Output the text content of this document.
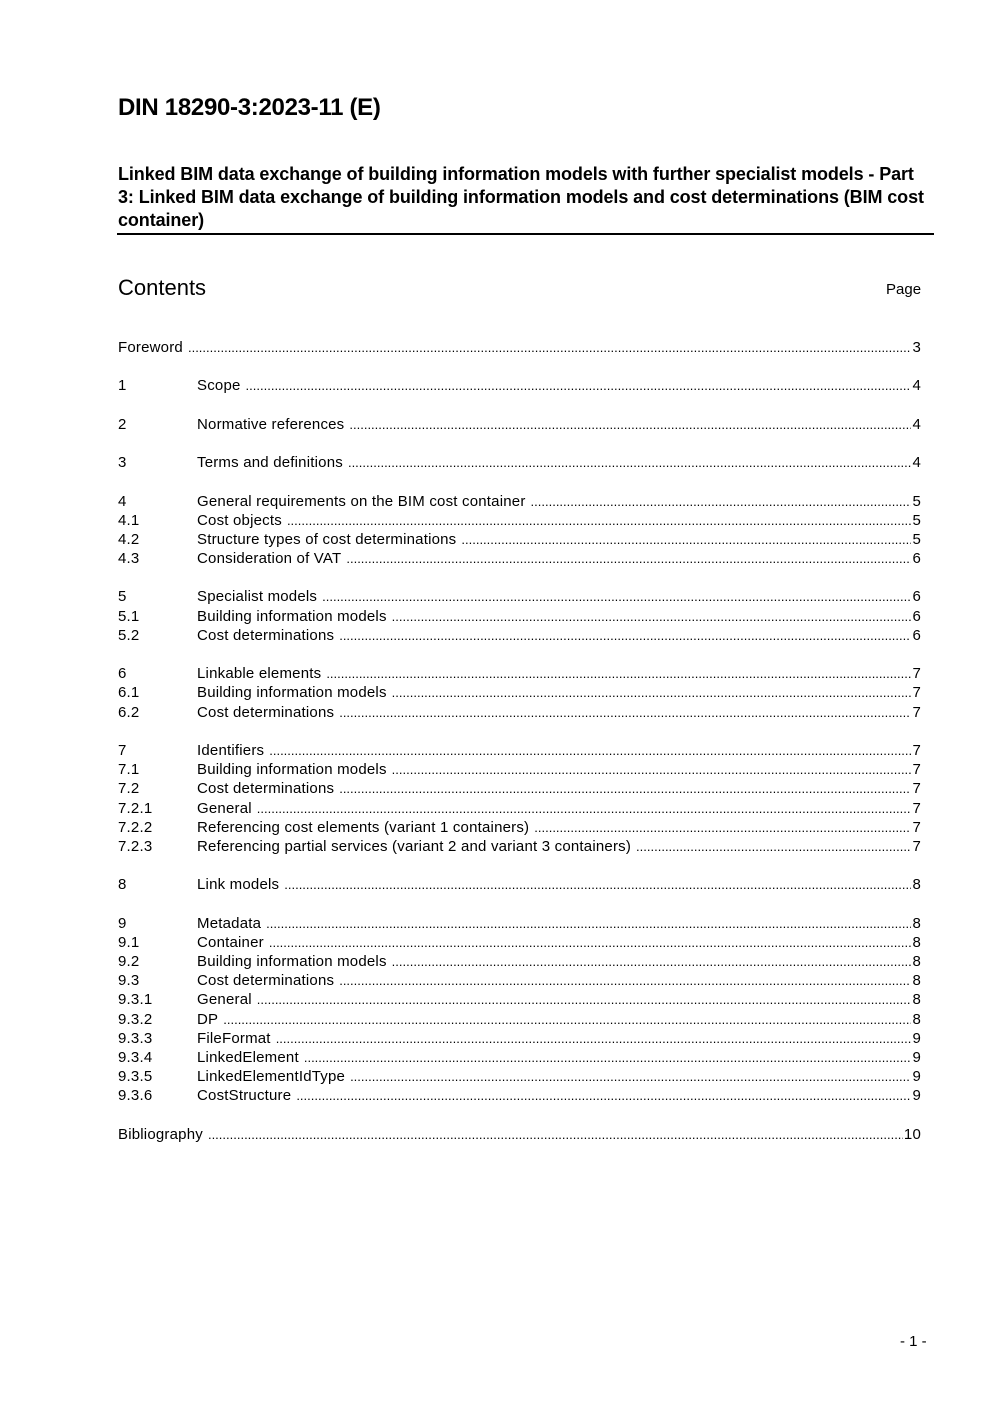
DIN 18290-3:2023-11 (E)
Linked BIM data exchange of building information models with further specialist models - Part 3: Linked BIM data exchange of building information models and cost determinations (BIM cost container)
Contents	Page
Foreword .....	3
1	Scope .....	4
2	Normative references .....	4
3	Terms and definitions .....	4
4	General requirements on the BIM cost container .....	5
4.1	Cost objects .....	5
4.2	Structure types of cost determinations .....	5
4.3	Consideration of VAT .....	6
5	Specialist models .....	6
5.1	Building information models .....	6
5.2	Cost determinations .....	6
6	Linkable elements .....	7
6.1	Building information models .....	7
6.2	Cost determinations .....	7
7	Identifiers .....	7
7.1	Building information models .....	7
7.2	Cost determinations .....	7
7.2.1	General .....	7
7.2.2	Referencing cost elements (variant 1 containers) .....	7
7.2.3	Referencing partial services (variant 2 and variant 3 containers) .....	7
8	Link models .....	8
9	Metadata .....	8
9.1	Container .....	8
9.2	Building information models .....	8
9.3	Cost determinations .....	8
9.3.1	General .....	8
9.3.2	DP .....	8
9.3.3	FileFormat .....	9
9.3.4	LinkedElement .....	9
9.3.5	LinkedElementIdType .....	9
9.3.6	CostStructure .....	9
Bibliography .....	10
- 1 -
